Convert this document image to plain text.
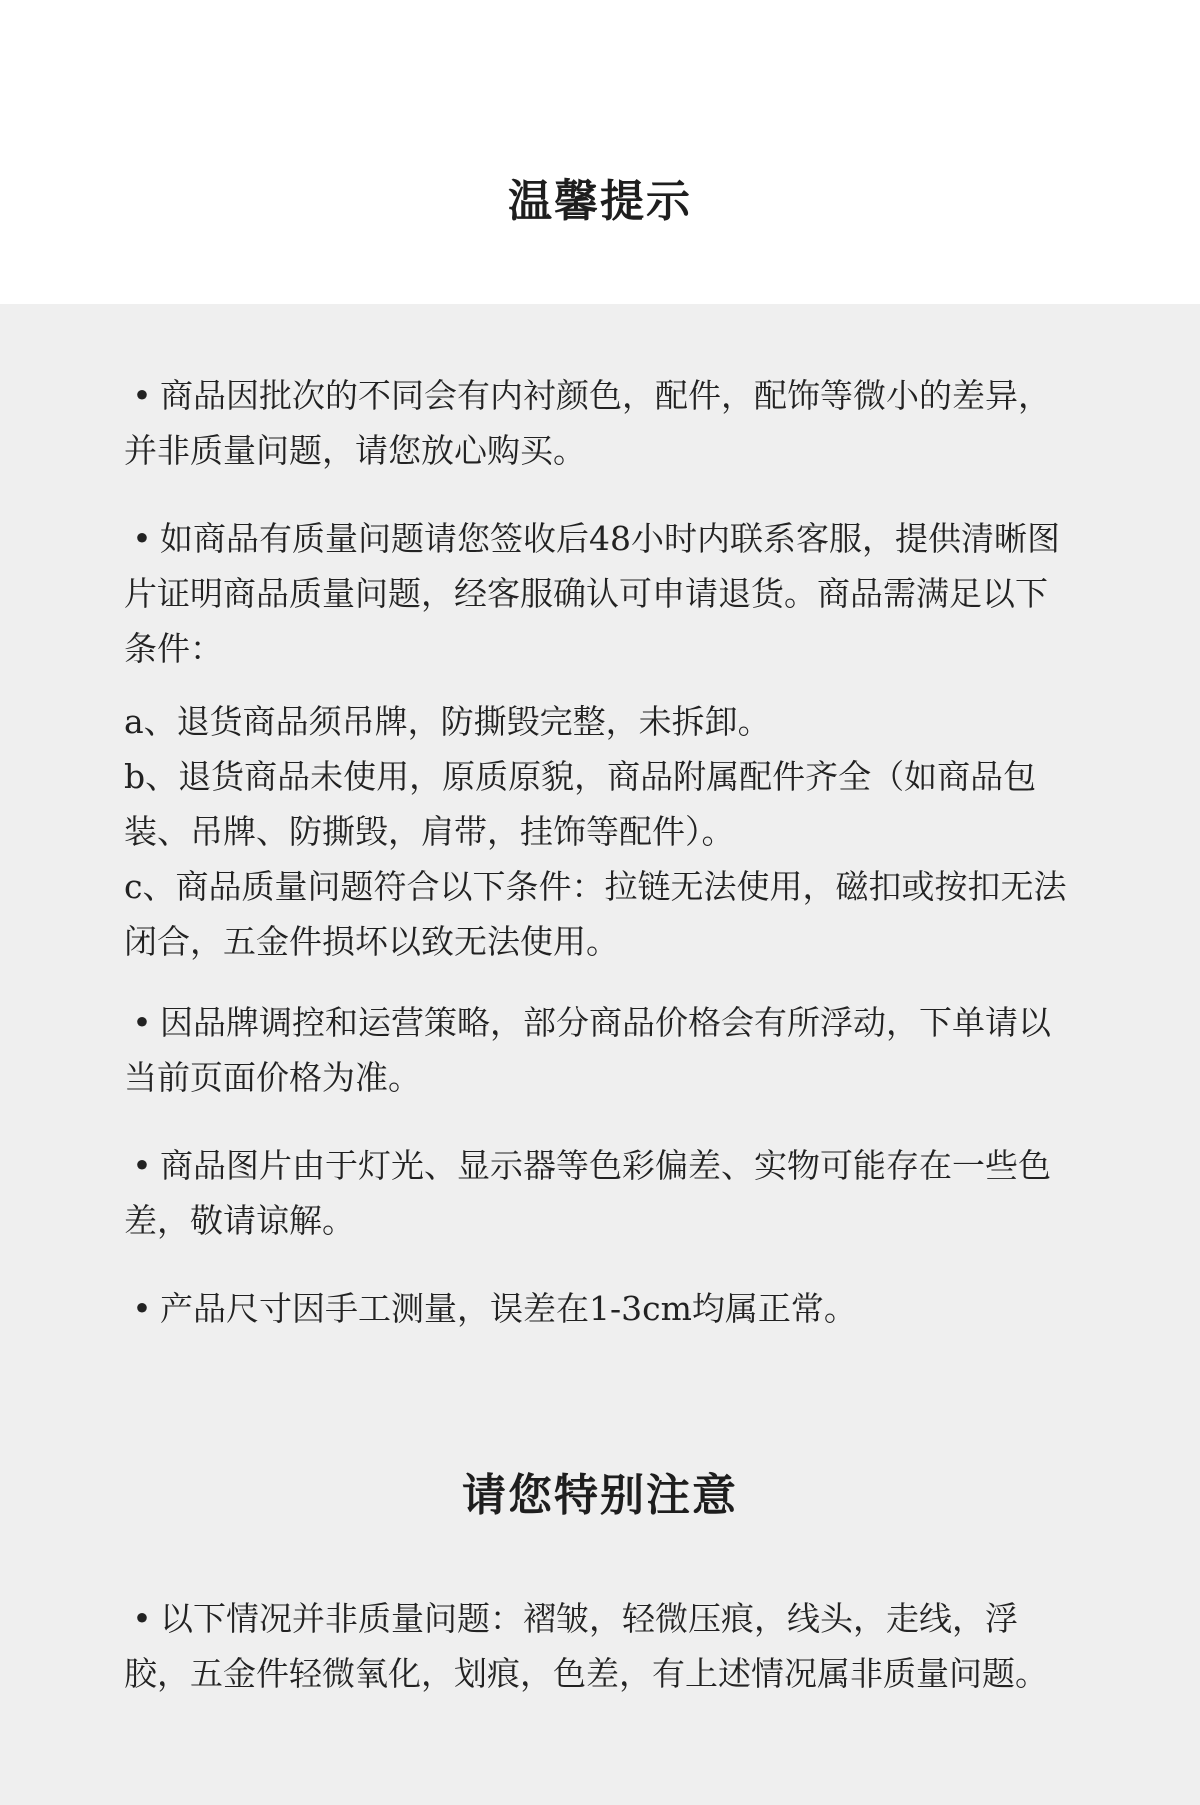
温馨提示

• 商品因批次的不同会有内衬颜色，配件，配饰等微小的差异，并非质量问题，请您放心购买。

• 如商品有质量问题请您签收后48小时内联系客服，提供清晰图片证明商品质量问题，经客服确认可申请退货。商品需满足以下条件：

a、退货商品须吊牌，防撕毁完整，未拆卸。

b、退货商品未使用，原质原貌，商品附属配件齐全（如商品包装、吊牌、防撕毁，肩带，挂饰等配件）。

c、商品质量问题符合以下条件：拉链无法使用，磁扣或按扣无法闭合，五金件损坏以致无法使用。

• 因品牌调控和运营策略，部分商品价格会有所浮动，下单请以当前页面价格为准。

• 商品图片由于灯光、显示器等色彩偏差、实物可能存在一些色差，敬请谅解。

• 产品尺寸因手工测量，误差在1-3cm均属正常。

请您特别注意

• 以下情况并非质量问题：褶皱，轻微压痕，线头，走线，浮胶，五金件轻微氧化，划痕，色差，有上述情况属非质量问题。
